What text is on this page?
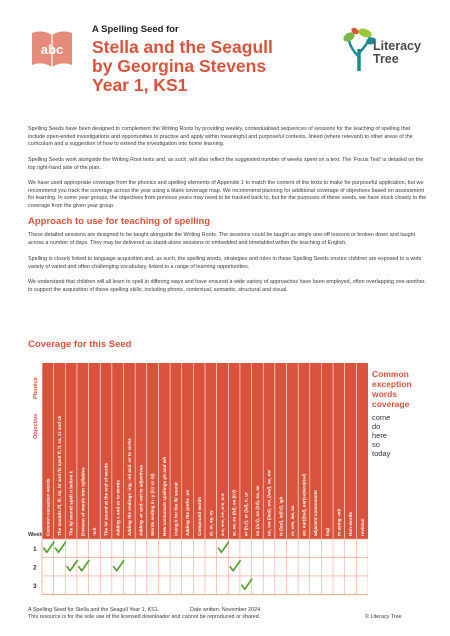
abc
A Spelling Seed for
Stella and the Seagull
by Georgina Stevens
Year 1, KS1
Literacy
Tree

Spelling Seeds have been designed to complement the Writing Roots by providing weekly, contextualised sequences of sessions for the teaching of spelling that include open-ended investigations and opportunities to practise and apply within meaningful and purposeful contexts, linked (where relevant) to other areas of the curriculum and a suggestion of how to extend the investigation into home learning.

Spelling Seeds work alongside the Writing Root texts and, as such, will also reflect the suggested number of weeks spent on a text. The 'Focus Text' is detailed on the top right-hand side of the plan.

We have used appropriate coverage from the phonics and spelling elements of Appendix 1 to match the content of the texts to make for purposeful application, but we recommend you track the coverage across the year using a blank coverage map. We recommend planning for additional coverage of objectives based on assessment for learning. In some year groups, the objectives from previous years may need to be tracked back to, but for the purposes of these seeds, we have stuck closely to the coverage from the given year group.

Approach to use for teaching of spelling

These detailed sessions are designed to be taught alongside the Writing Roots. The sessions could be taught as single one-off lessons or broken down and taught across a number of days. They may be delivered as stand-alone sessions or embedded and timetabled within the teaching of English.

Spelling is closely linked to language acquisition and, as such, the spelling words, strategies and rules in these Spelling Seeds ensure children are exposed to a wide variety of varied and often challenging vocabulary, linked to a range of learning opportunities.

We understand that children will all learn to spell in differing ways and have ensured a wide variety of approaches have been employed, often overlapping one-another, to support the acquisition of these spelling skills, including phonic, contextual, semantic, structural and visual.

Coverage for this Seed
Objective
Phonics
Week Common exception words The sounds /f/, /l/, /s/, /z/ and /k/ spelt ff, ll, ss, zz and ck The /ŋ/ sound spelt n before k Division of words into syllables -tch The /v/ sound at the end of words Adding s and es to words Adding the endings -ing, -ed and -er to verbs Adding -er and -est to adjectives Words ending in -y (/i:/ or /ɪ/) New consonant spellings ph and wh Using k for the /k/ sound Adding the prefix -un Compound words ai, oi, ay, oy a-e, e-e, i-e, o-e, u-e ar, ee, ea (/ɛ/), ea (/i:/) er (/ɜː/), er (/ə/), ir, ur oo (/uː/), oo (/ʊ/), oa, oe ou, ow (/aʊ/), ow, (/əʊ/), ue, ew ie (/aɪ/), ie(/i:/), igh or, ore, aw, au air, ear((/ɪə/), ear(ɛə)/are(/ɛə/) adjacent consonants /ng/ m using -mb Non-words revision
1
2
3
Common
exception
words
coverage
come
do
here
so
today
A Spelling Seed for Stella and the Seagull Year 1, KS1.
This resource is for the sole use of the licensed downloader and cannot be reproduced or shared.
Date written: November 2024
© Literacy Tree
